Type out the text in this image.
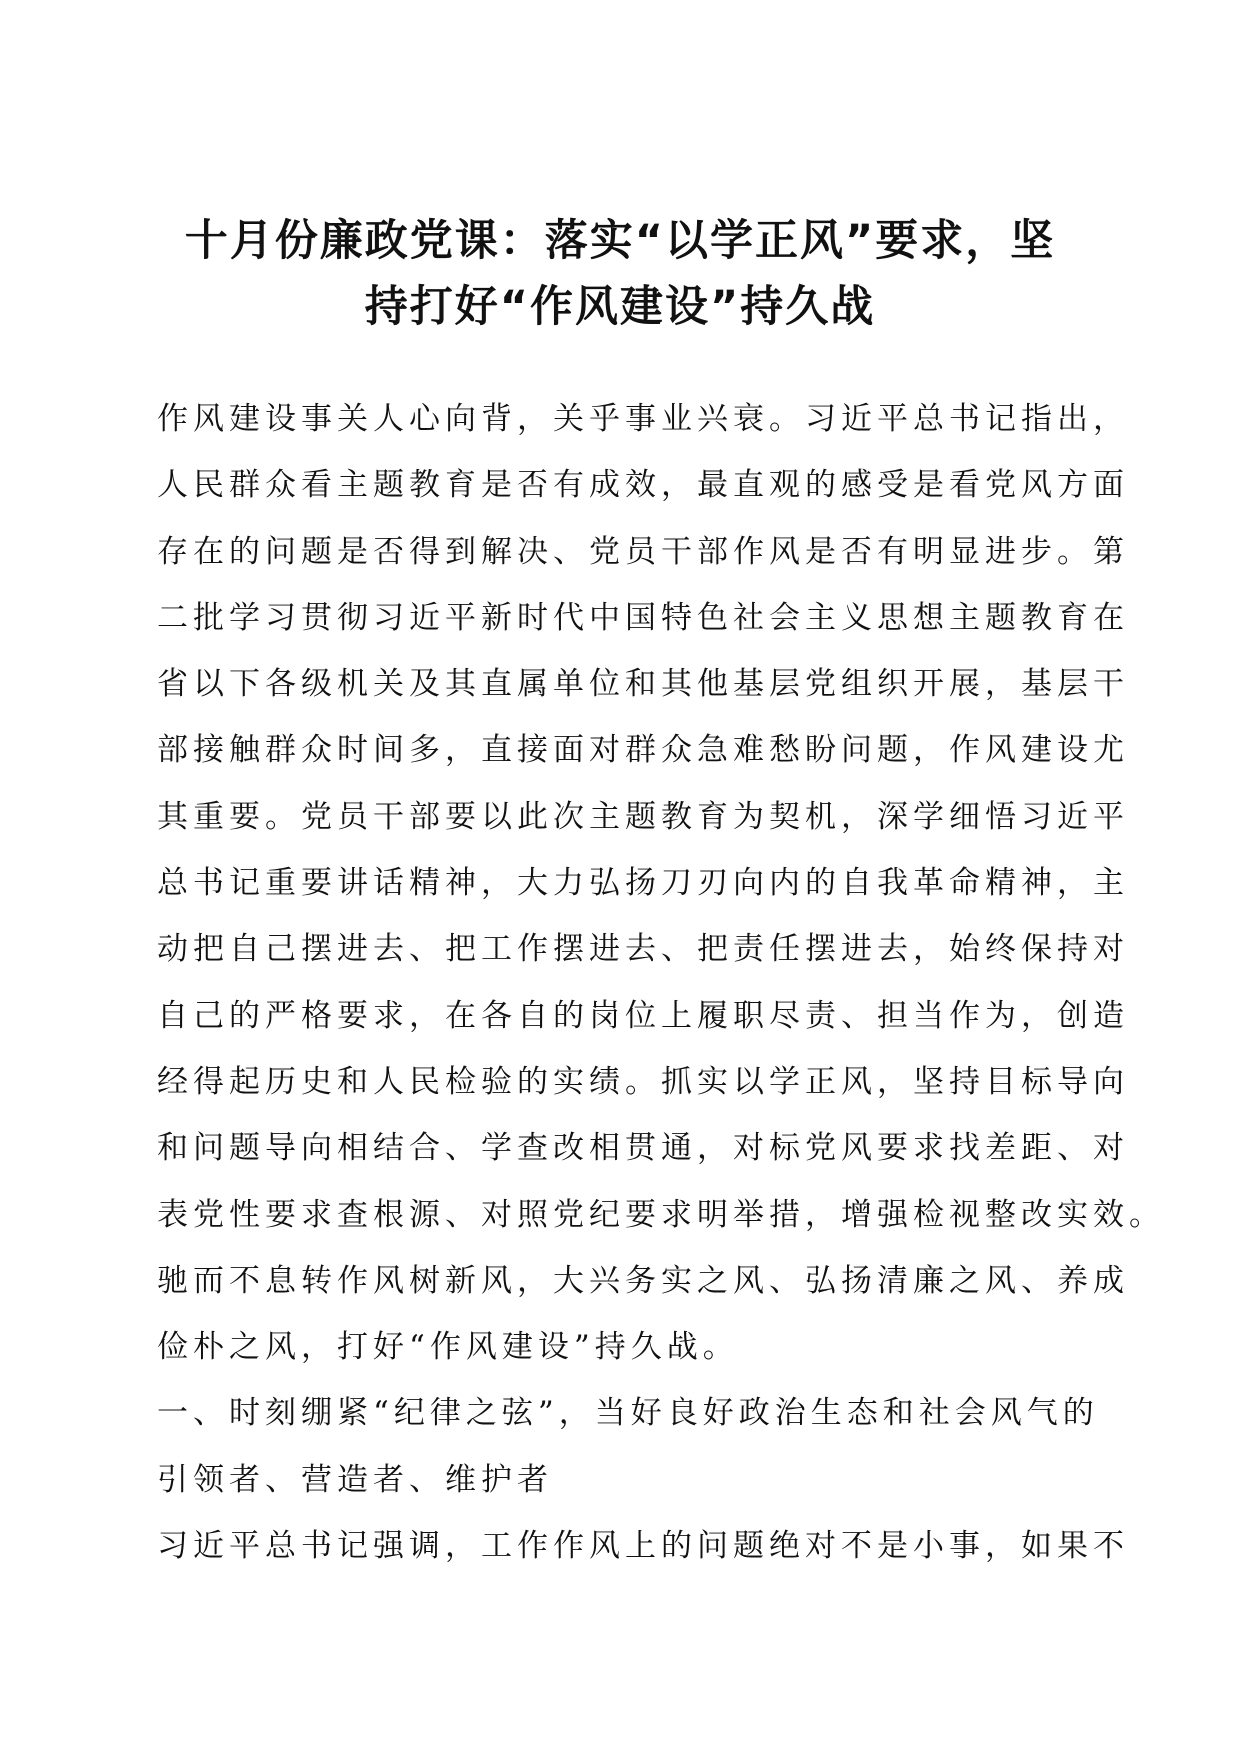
十月份廉政党课：落实“以学正风”要求，坚
持打好“作风建设”持久战
作风建设事关人心向背，关乎事业兴衰。习近平总书记指出，
人民群众看主题教育是否有成效，最直观的感受是看党风方面
存在的问题是否得到解决、党员干部作风是否有明显进步。第
二批学习贯彻习近平新时代中国特色社会主义思想主题教育在
省以下各级机关及其直属单位和其他基层党组织开展，基层干
部接触群众时间多，直接面对群众急难愁盼问题，作风建设尤
其重要。党员干部要以此次主题教育为契机，深学细悟习近平
总书记重要讲话精神，大力弘扬刀刃向内的自我革命精神，主
动把自己摆进去、把工作摆进去、把责任摆进去，始终保持对
自己的严格要求，在各自的岗位上履职尽责、担当作为，创造
经得起历史和人民检验的实绩。抓实以学正风，坚持目标导向
和问题导向相结合、学查改相贯通，对标党风要求找差距、对
表党性要求查根源、对照党纪要求明举措，增强检视整改实效。
驰而不息转作风树新风，大兴务实之风、弘扬清廉之风、养成
俭朴之风，打好“作风建设”持久战。
一、时刻绷紧“纪律之弦”，当好良好政治生态和社会风气的
引领者、营造者、维护者
习近平总书记强调，工作作风上的问题绝对不是小事，如果不
